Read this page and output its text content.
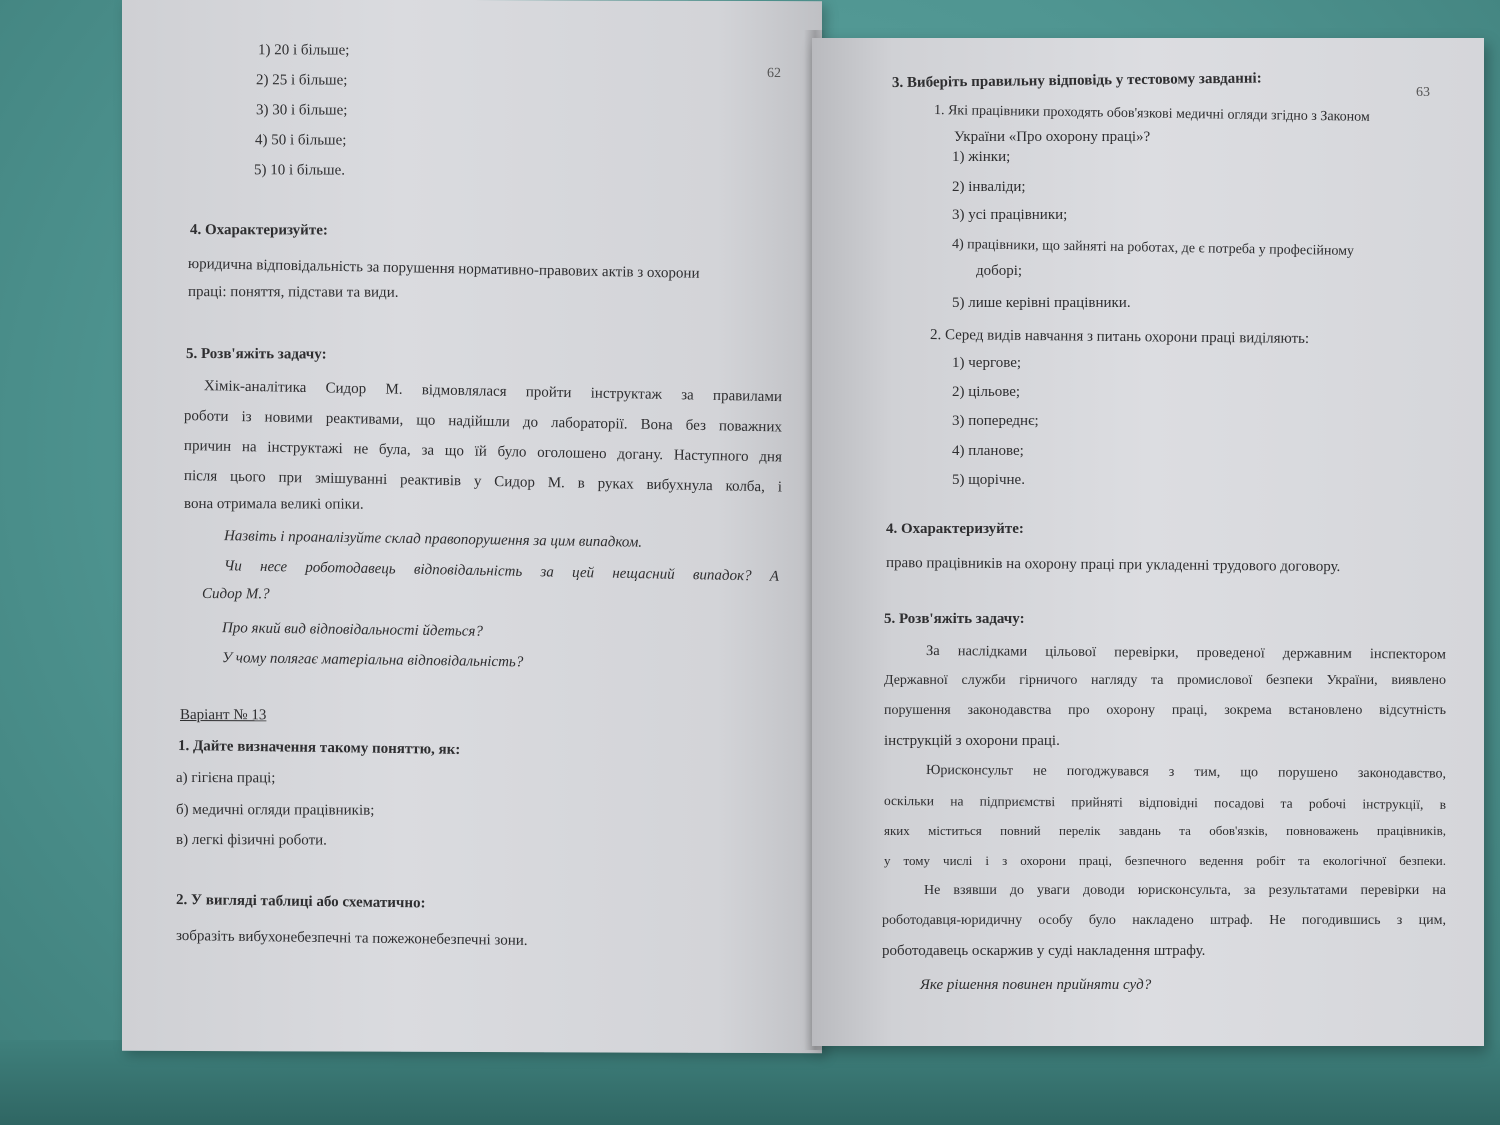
62
1) 20 і більше;
2) 25 і більше;
3) 30 і більше;
4) 50 і більше;
5) 10 і більше.
4. Охарактеризуйте:
юридична відповідальність за порушення нормативно-правових актів з охорони
праці: поняття, підстави та види.
5. Розв'яжіть задачу:
Хімік-аналітика Сидор М. відмовлялася пройти інструктаж за правилами
роботи із новими реактивами, що надійшли до лабораторії. Вона без поважних
причин на інструктажі не була, за що їй було оголошено догану. Наступного дня
після цього при змішуванні реактивів у Сидор М. в руках вибухнула колба, і
вона отримала великі опіки.
Назвіть і проаналізуйте склад правопорушення за цим випадком.
Чи несе роботодавець відповідальність за цей нещасний випадок? А
Сидор М.?
Про який вид відповідальності йдеться?
У чому полягає матеріальна відповідальність?
Варіант № 13
1. Дайте визначення такому поняттю, як:
а) гігієна праці;
б) медичні огляди працівників;
в) легкі фізичні роботи.
2. У вигляді таблиці або схематично:
зобразіть вибухонебезпечні та пожежонебезпечні зони.
63
3. Виберіть правильну відповідь у тестовому завданні:
1. Які працівники проходять обов'язкові медичні огляди згідно з Законом
України «Про охорону праці»?
1) жінки;
2) інваліди;
3) усі працівники;
4) працівники, що зайняті на роботах, де є потреба у професійному
доборі;
5) лише керівні працівники.
2. Серед видів навчання з питань охорони праці виділяють:
1) чергове;
2) цільове;
3) попереднє;
4) планове;
5) щорічне.
4. Охарактеризуйте:
право працівників на охорону праці при укладенні трудового договору.
5. Розв'яжіть задачу:
За наслідками цільової перевірки, проведеної державним інспектором
Державної служби гірничого нагляду та промислової безпеки України, виявлено
порушення законодавства про охорону праці, зокрема встановлено відсутність
інструкцій з охорони праці.
Юрисконсульт не погоджувався з тим, що порушено законодавство,
оскільки на підприємстві прийняті відповідні посадові та робочі інструкції, в
яких міститься повний перелік завдань та обов'язків, повноважень працівників,
у тому числі і з охорони праці, безпечного ведення робіт та екологічної безпеки.
Не взявши до уваги доводи юрисконсульта, за результатами перевірки на
роботодавця-юридичну особу було накладено штраф. Не погодившись з цим,
роботодавець оскаржив у суді накладення штрафу.
Яке рішення повинен прийняти суд?
